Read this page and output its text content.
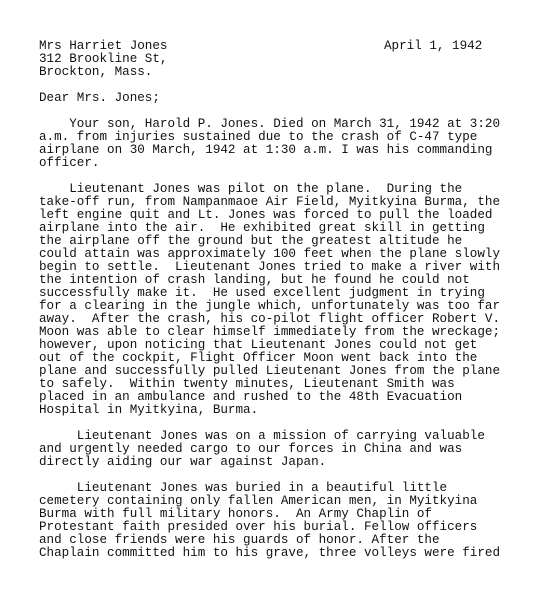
April 1, 1942
Mrs Harriet Jones
312 Brookline St,
Brockton, Mass.
Dear Mrs. Jones;
Your son, Harold P. Jones. Died on March 31, 1942 at 3:20
a.m. from injuries sustained due to the crash of C-47 type
airplane on 30 March, 1942 at 1:30 a.m. I was his commanding
officer.
Lieutenant Jones was pilot on the plane.  During the
take-off run, from Nampanmaoe Air Field, Myitkyina Burma, the
left engine quit and Lt. Jones was forced to pull the loaded
airplane into the air.  He exhibited great skill in getting
the airplane off the ground but the greatest altitude he
could attain was approximately 100 feet when the plane slowly
begin to settle.  Lieutenant Jones tried to make a river with
the intention of crash landing, but he found he could not
successfully make it.  He used excellent judgment in trying
for a clearing in the jungle which, unfortunately was too far
away.  After the crash, his co-pilot flight officer Robert V.
Moon was able to clear himself immediately from the wreckage;
however, upon noticing that Lieutenant Jones could not get
out of the cockpit, Flight Officer Moon went back into the
plane and successfully pulled Lieutenant Jones from the plane
to safely.  Within twenty minutes, Lieutenant Smith was
placed in an ambulance and rushed to the 48th Evacuation
Hospital in Myitkyina, Burma.
Lieutenant Jones was on a mission of carrying valuable
and urgently needed cargo to our forces in China and was
directly aiding our war against Japan.
Lieutenant Jones was buried in a beautiful little
cemetery containing only fallen American men, in Myitkyina
Burma with full military honors.  An Army Chaplin of
Protestant faith presided over his burial. Fellow officers
and close friends were his guards of honor. After the
Chaplain committed him to his grave, three volleys were fired
